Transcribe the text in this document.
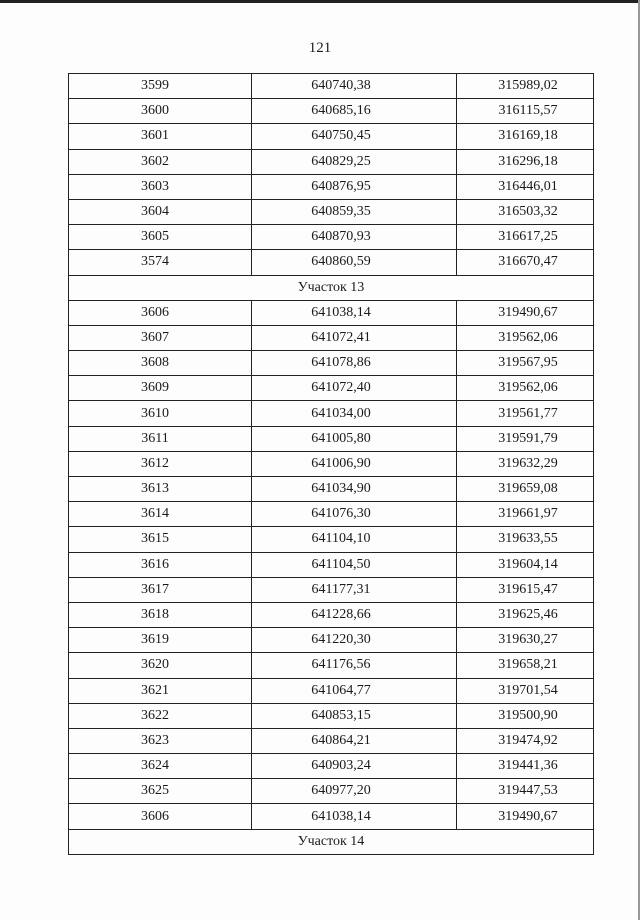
121
3599	640740,38	315989,02
3600	640685,16	316115,57
3601	640750,45	316169,18
3602	640829,25	316296,18
3603	640876,95	316446,01
3604	640859,35	316503,32
3605	640870,93	316617,25
3574	640860,59	316670,47
Участок 13		
3606	641038,14	319490,67
3607	641072,41	319562,06
3608	641078,86	319567,95
3609	641072,40	319562,06
3610	641034,00	319561,77
3611	641005,80	319591,79
3612	641006,90	319632,29
3613	641034,90	319659,08
3614	641076,30	319661,97
3615	641104,10	319633,55
3616	641104,50	319604,14
3617	641177,31	319615,47
3618	641228,66	319625,46
3619	641220,30	319630,27
3620	641176,56	319658,21
3621	641064,77	319701,54
3622	640853,15	319500,90
3623	640864,21	319474,92
3624	640903,24	319441,36
3625	640977,20	319447,53
3606	641038,14	319490,67
Участок 14		
